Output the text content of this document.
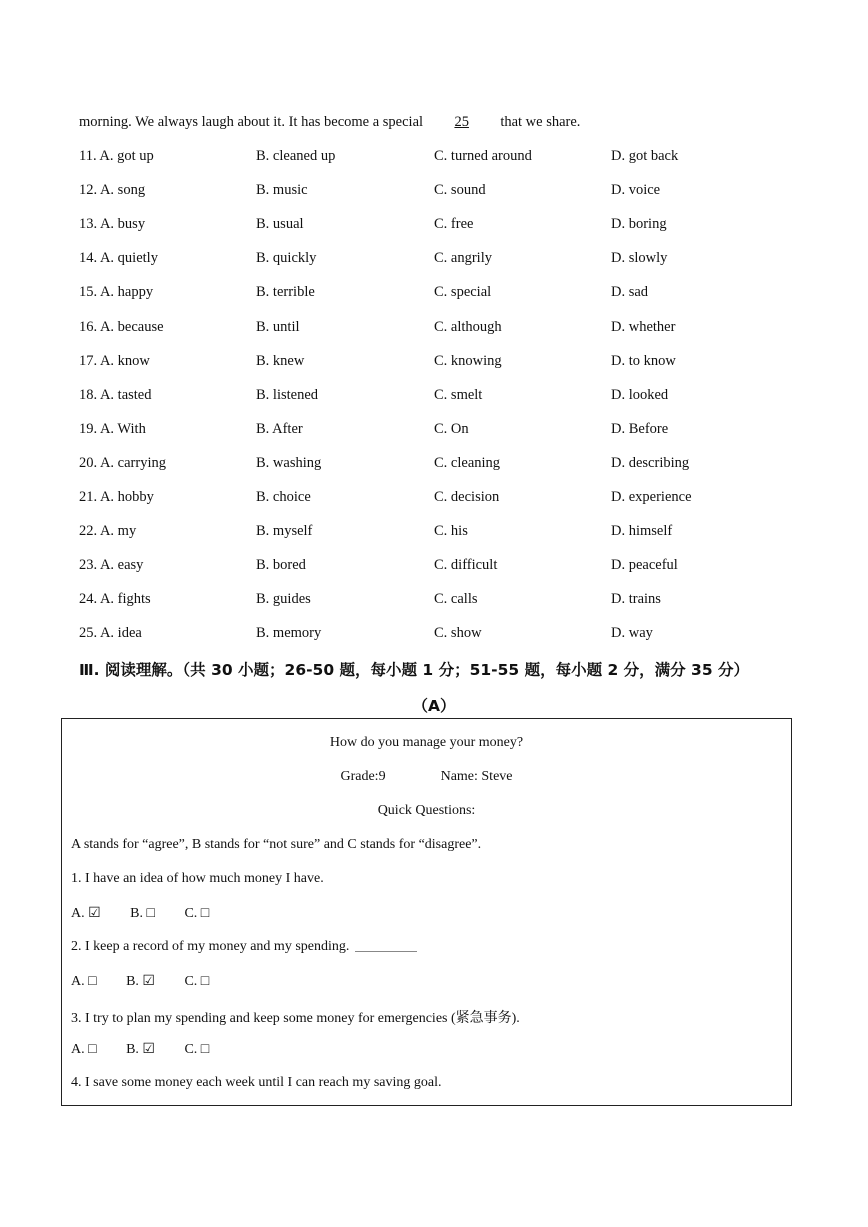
morning. We always laugh about it. It has become a special 25 that we share.
11. A. got up	B. cleaned up	C. turned around	D. got back
12. A. song	B. music	C. sound	D. voice
13. A. busy	B. usual	C. free	D. boring
14. A. quietly	B. quickly	C. angrily	D. slowly
15. A. happy	B. terrible	C. special	D. sad
16. A. because	B. until	C. although	D. whether
17. A. know	B. knew	C. knowing	D. to know
18. A. tasted	B. listened	C. smelt	D. looked
19. A. With	B. After	C. On	D. Before
20. A. carrying	B. washing	C. cleaning	D. describing
21. A. hobby	B. choice	C. decision	D. experience
22. A. my	B. myself	C. his	D. himself
23. A. easy	B. bored	C. difficult	D. peaceful
24. A. fights	B. guides	C. calls	D. trains
25. A. idea	B. memory	C. show	D. way
Ⅲ. 阅读理解。（共 30 小题；26-50 题，每小题 1 分；51-55 题，每小题 2 分，满分 35 分）
（A）
How do you manage your money?
Grade:9	Name: Steve
Quick Questions:
A stands for “agree”, B stands for “not sure” and C stands for “disagree”.
1. I have an idea of how much money I have.
A. ☑ B. □ C. □
2. I keep a record of my money and my spending.
A. □ B. ☑ C. □
3. I try to plan my spending and keep some money for emergencies (紧急事务).
A. □ B. ☑ C. □
4. I save some money each week until I can reach my saving goal.
